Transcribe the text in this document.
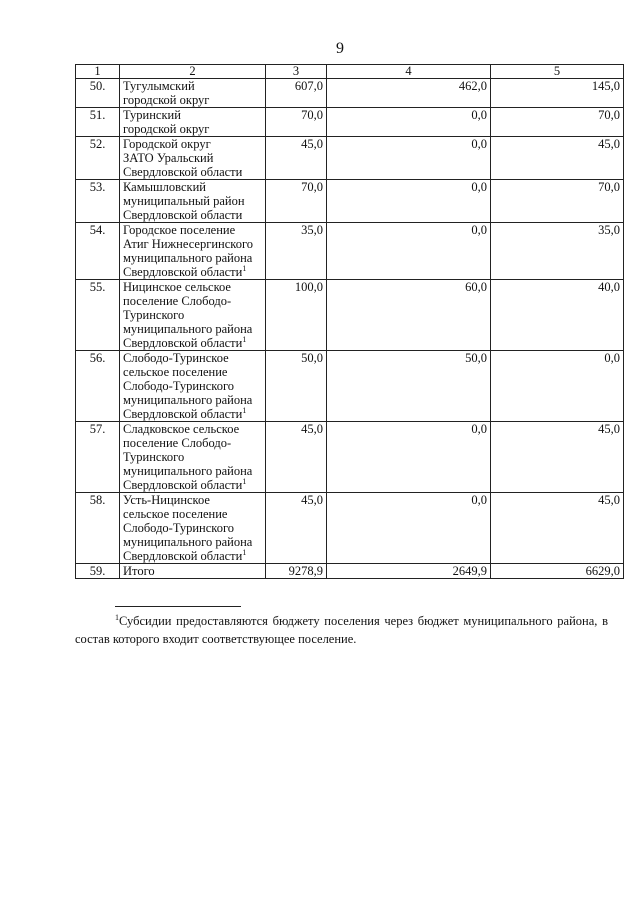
9
1	2	3	4	5
50.	Тугулымский
городской округ	607,0	462,0	145,0
51.	Туринский
городской округ	70,0	0,0	70,0
52.	Городской округ
ЗАТО Уральский
Свердловской области	45,0	0,0	45,0
53.	Камышловский
муниципальный район
Свердловской области	70,0	0,0	70,0
54.	Городское поселение
Атиг Нижнесергинского
муниципального района
Свердловской области$^1$	35,0	0,0	35,0
55.	Ницинское сельское
поселение Слободо-
Туринского
муниципального района
Свердловской области$^1$	100,0	60,0	40,0
56.	Слободо-Туринское
сельское поселение
Слободо-Туринского
муниципального района
Свердловской области$^1$	50,0	50,0	0,0
57.	Сладковское сельское
поселение Слободо-
Туринского
муниципального района
Свердловской области$^1$	45,0	0,0	45,0
58.	Усть-Ницинское
сельское поселение
Слободо-Туринского
муниципального района
Свердловской области$^1$	45,0	0,0	45,0
59.	Итого	9278,9	2649,9	6629,0
$^1$Субсидии предоставляются бюджету поселения через бюджет муниципального района, в состав которого входит соответствующее поселение.
